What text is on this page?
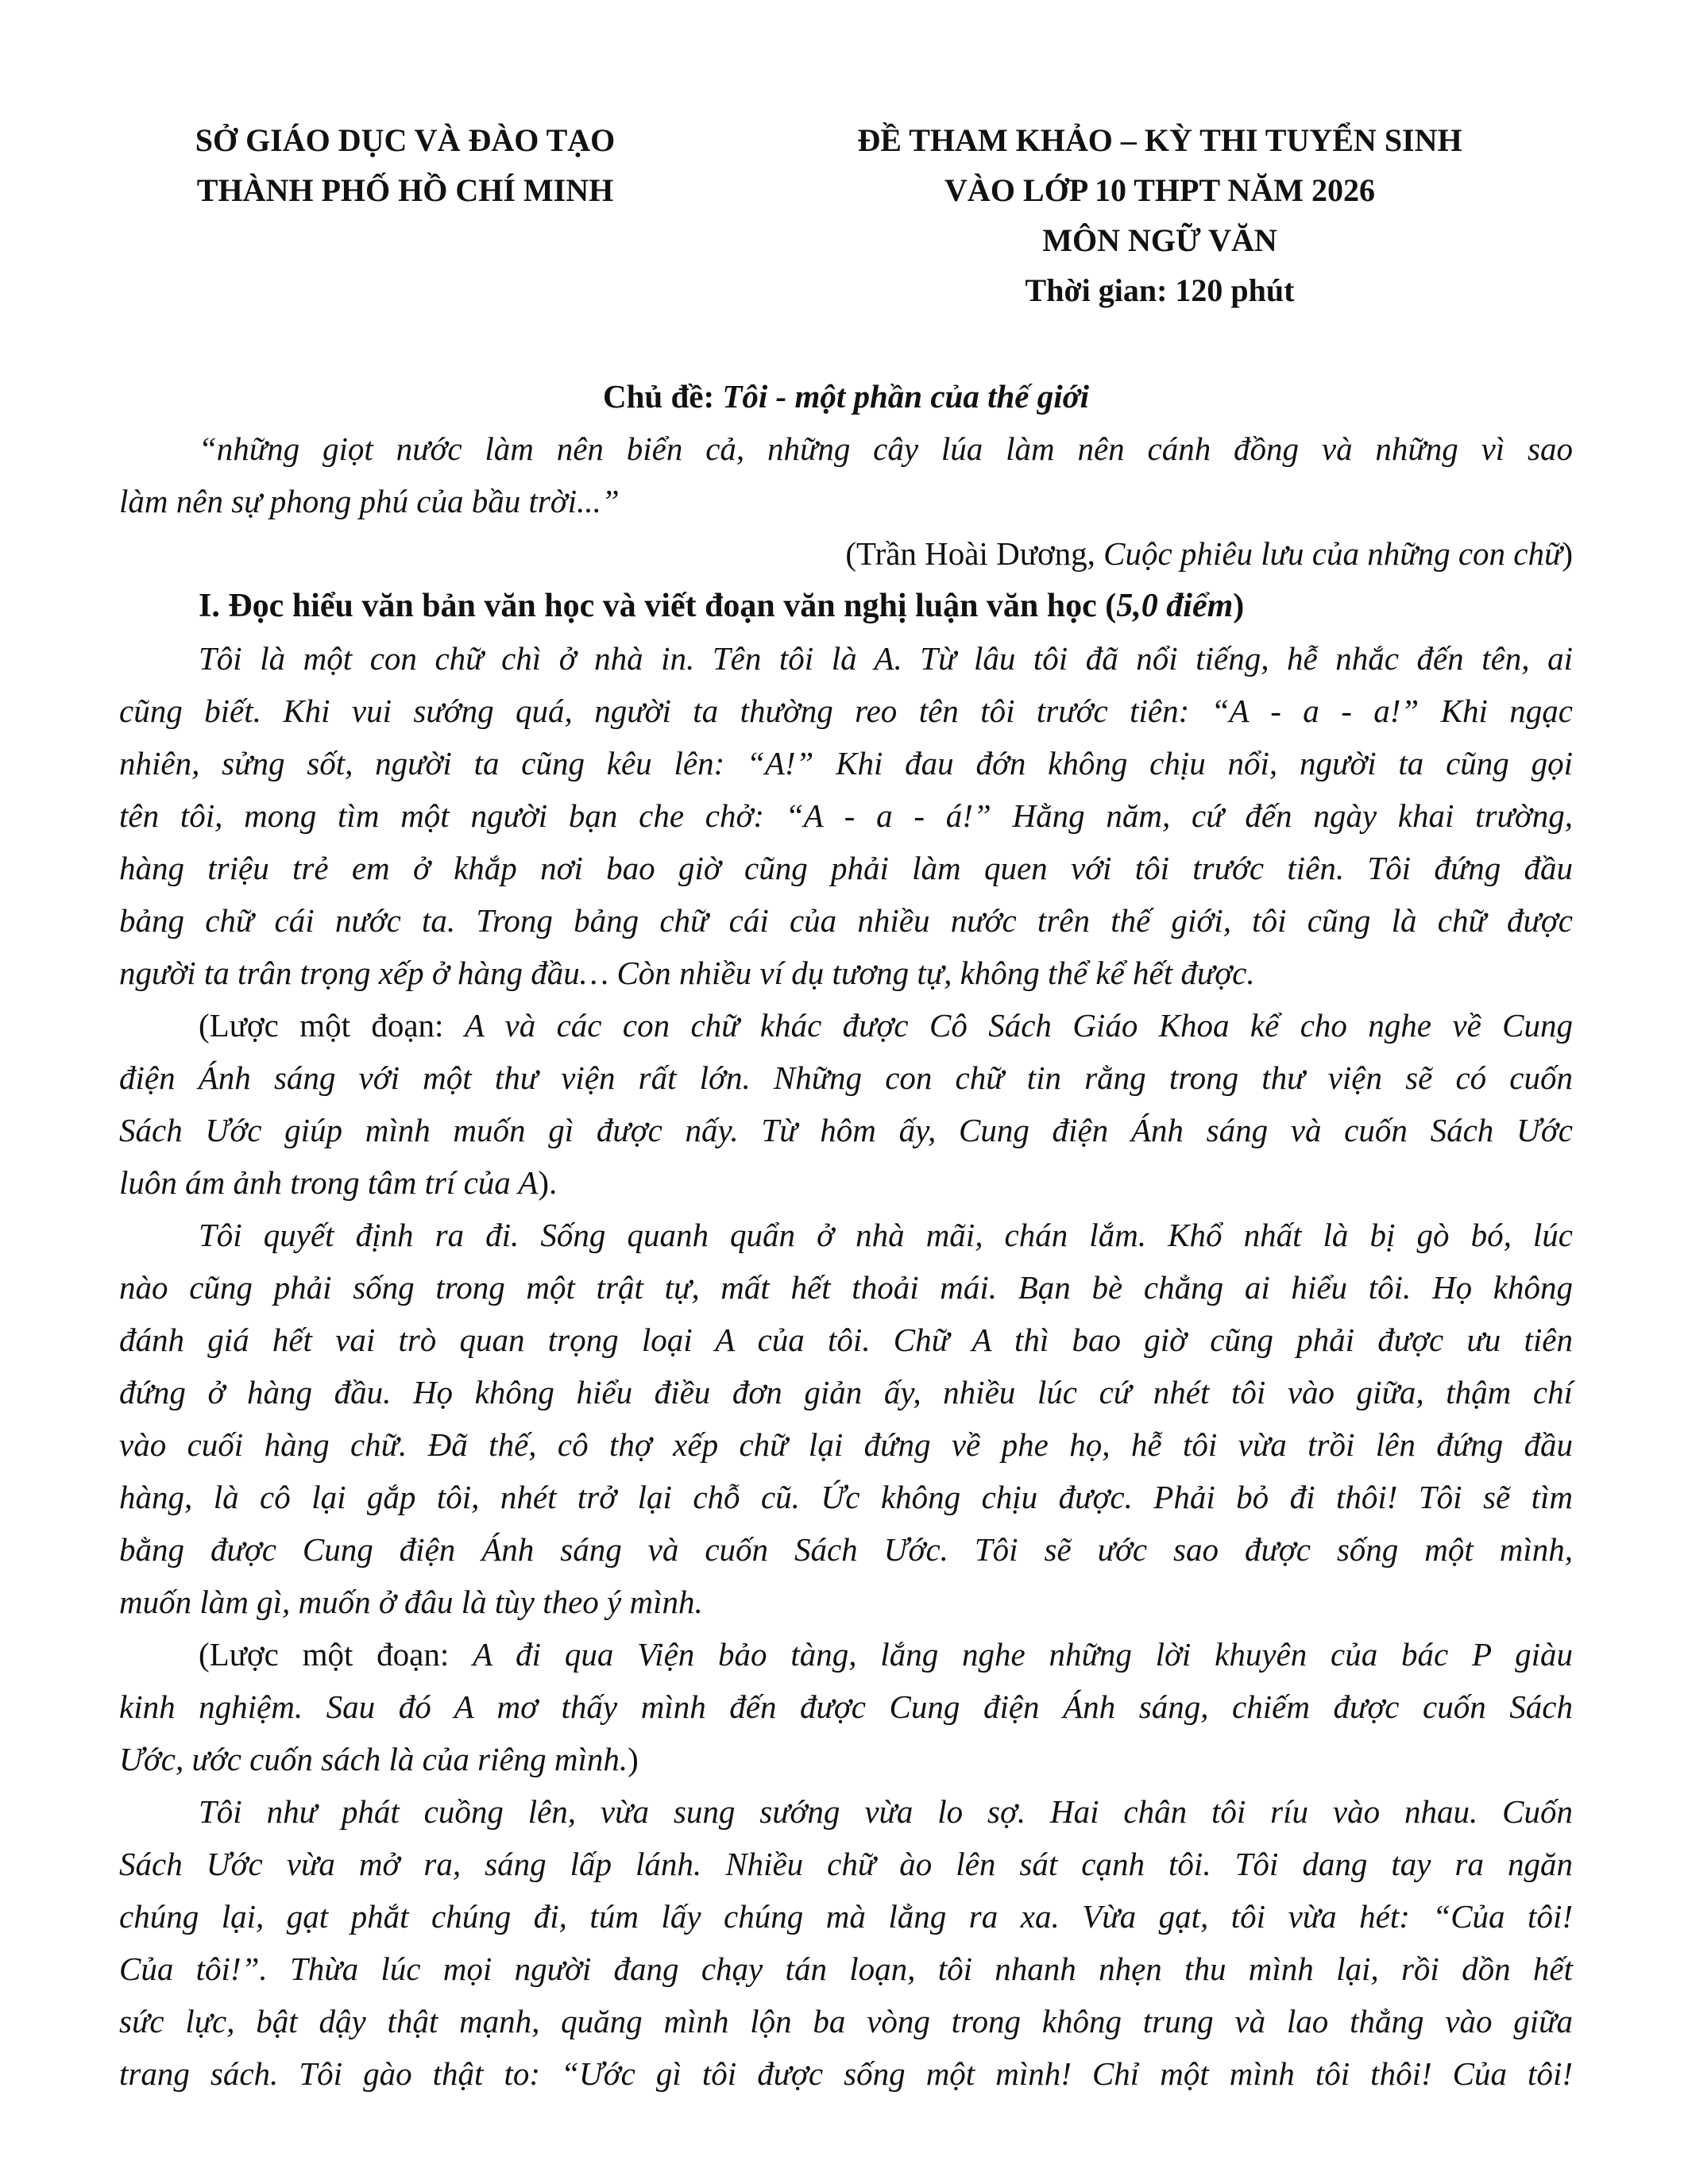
SỞ GIÁO DỤC VÀ ĐÀO TẠO
THÀNH PHỐ HỒ CHÍ MINH
ĐỀ THAM KHẢO – KỲ THI TUYỂN SINH
VÀO LỚP 10 THPT NĂM 2026
MÔN NGỮ VĂN
Thời gian: 120 phút
Chủ đề: Tôi - một phần của thế giới
“những giọt nước làm nên biển cả, những cây lúa làm nên cánh đồng và những vì sao
làm nên sự phong phú của bầu trời...”
(Trần Hoài Dương, Cuộc phiêu lưu của những con chữ)
I. Đọc hiểu văn bản văn học và viết đoạn văn nghị luận văn học (5,0 điểm)
Tôi là một con chữ chì ở nhà in. Tên tôi là A. Từ lâu tôi đã nổi tiếng, hễ nhắc đến tên, ai
cũng biết. Khi vui sướng quá, người ta thường reo tên tôi trước tiên: “A - a - a!” Khi ngạc
nhiên, sửng sốt, người ta cũng kêu lên: “A!” Khi đau đớn không chịu nổi, người ta cũng gọi
tên tôi, mong tìm một người bạn che chở: “A - a - á!” Hằng năm, cứ đến ngày khai trường,
hàng triệu trẻ em ở khắp nơi bao giờ cũng phải làm quen với tôi trước tiên. Tôi đứng đầu
bảng chữ cái nước ta. Trong bảng chữ cái của nhiều nước trên thế giới, tôi cũng là chữ được
người ta trân trọng xếp ở hàng đầu… Còn nhiều ví dụ tương tự, không thể kể hết được.
(Lược một đoạn: A và các con chữ khác được Cô Sách Giáo Khoa kể cho nghe về Cung
điện Ánh sáng với một thư viện rất lớn. Những con chữ tin rằng trong thư viện sẽ có cuốn
Sách Ước giúp mình muốn gì được nấy. Từ hôm ấy, Cung điện Ánh sáng và cuốn Sách Ước
luôn ám ảnh trong tâm trí của A).
Tôi quyết định ra đi. Sống quanh quẩn ở nhà mãi, chán lắm. Khổ nhất là bị gò bó, lúc
nào cũng phải sống trong một trật tự, mất hết thoải mái. Bạn bè chẳng ai hiểu tôi. Họ không
đánh giá hết vai trò quan trọng loại A của tôi. Chữ A thì bao giờ cũng phải được ưu tiên
đứng ở hàng đầu. Họ không hiểu điều đơn giản ấy, nhiều lúc cứ nhét tôi vào giữa, thậm chí
vào cuối hàng chữ. Đã thế, cô thợ xếp chữ lại đứng về phe họ, hễ tôi vừa trồi lên đứng đầu
hàng, là cô lại gắp tôi, nhét trở lại chỗ cũ. Ức không chịu được. Phải bỏ đi thôi! Tôi sẽ tìm
bằng được Cung điện Ánh sáng và cuốn Sách Ước. Tôi sẽ ước sao được sống một mình,
muốn làm gì, muốn ở đâu là tùy theo ý mình.
(Lược một đoạn: A đi qua Viện bảo tàng, lắng nghe những lời khuyên của bác P giàu
kinh nghiệm. Sau đó A mơ thấy mình đến được Cung điện Ánh sáng, chiếm được cuốn Sách
Ước, ước cuốn sách là của riêng mình.)
Tôi như phát cuồng lên, vừa sung sướng vừa lo sợ. Hai chân tôi ríu vào nhau. Cuốn
Sách Ước vừa mở ra, sáng lấp lánh. Nhiều chữ ào lên sát cạnh tôi. Tôi dang tay ra ngăn
chúng lại, gạt phắt chúng đi, túm lấy chúng mà lẳng ra xa. Vừa gạt, tôi vừa hét: “Của tôi!
Của tôi!”. Thừa lúc mọi người đang chạy tán loạn, tôi nhanh nhẹn thu mình lại, rồi dồn hết
sức lực, bật dậy thật mạnh, quăng mình lộn ba vòng trong không trung và lao thẳng vào giữa
trang sách. Tôi gào thật to: “Ước gì tôi được sống một mình! Chỉ một mình tôi thôi! Của tôi!
